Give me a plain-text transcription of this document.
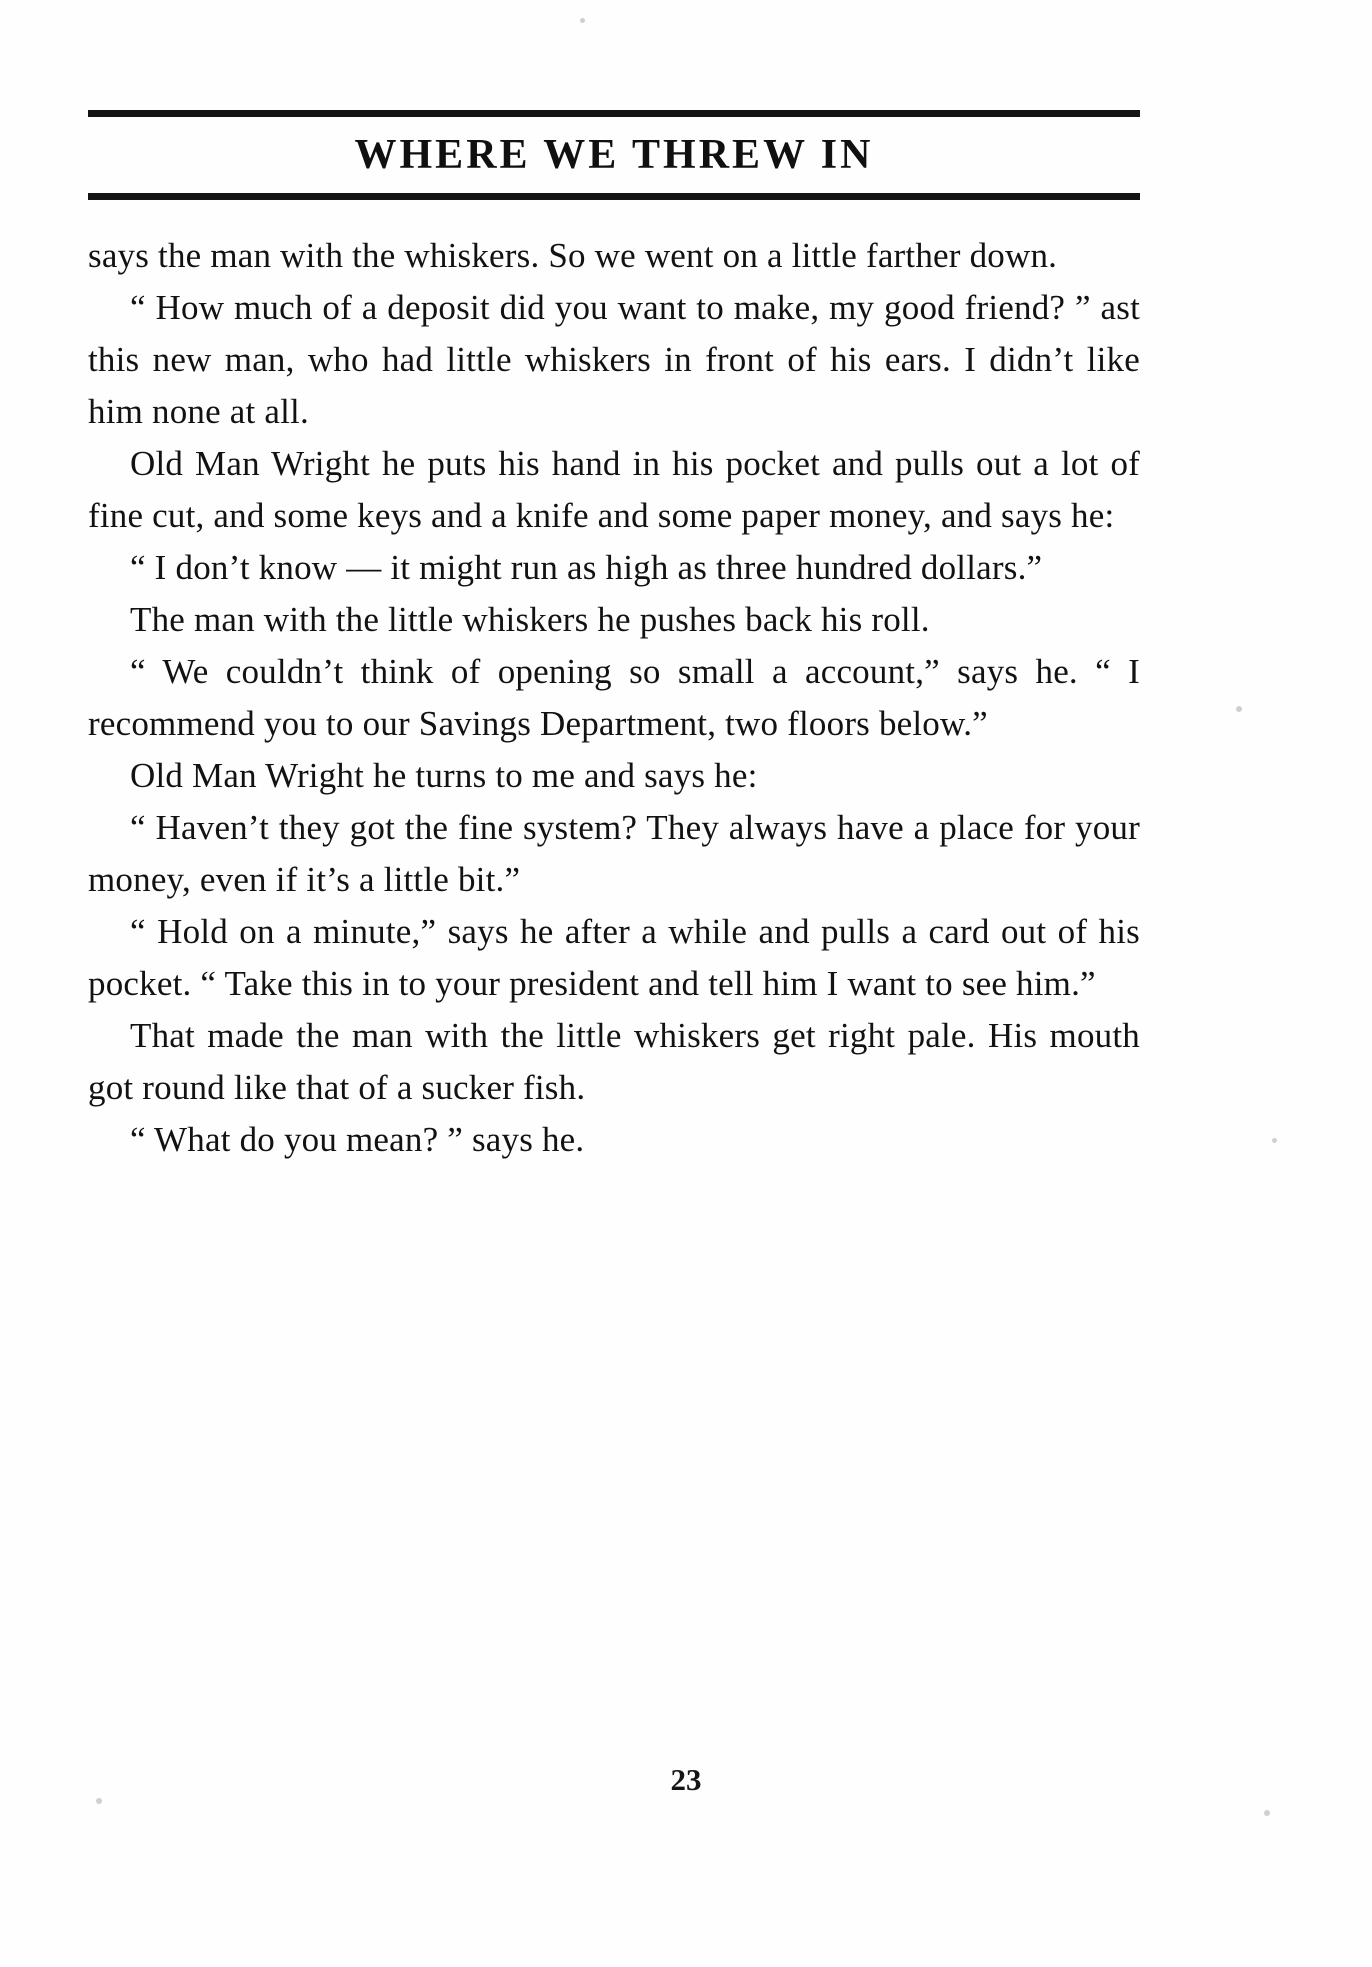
WHERE WE THREW IN

says the man with the whiskers. So we went on a little farther down.

“ How much of a deposit did you want to make, my good friend? ” ast this new man, who had little whiskers in front of his ears. I didn’t like him none at all.

Old Man Wright he puts his hand in his pocket and pulls out a lot of fine cut, and some keys and a knife and some paper money, and says he:

“ I don’t know — it might run as high as three hundred dollars.”

The man with the little whiskers he pushes back his roll.

“ We couldn’t think of opening so small a account,” says he. “ I recommend you to our Savings Department, two floors below.”

Old Man Wright he turns to me and says he:

“ Haven’t they got the fine system? They always have a place for your money, even if it’s a little bit.”

“ Hold on a minute,” says he after a while and pulls a card out of his pocket. “ Take this in to your president and tell him I want to see him.”

That made the man with the little whiskers get right pale. His mouth got round like that of a sucker fish.

“ What do you mean? ” says he.

23
